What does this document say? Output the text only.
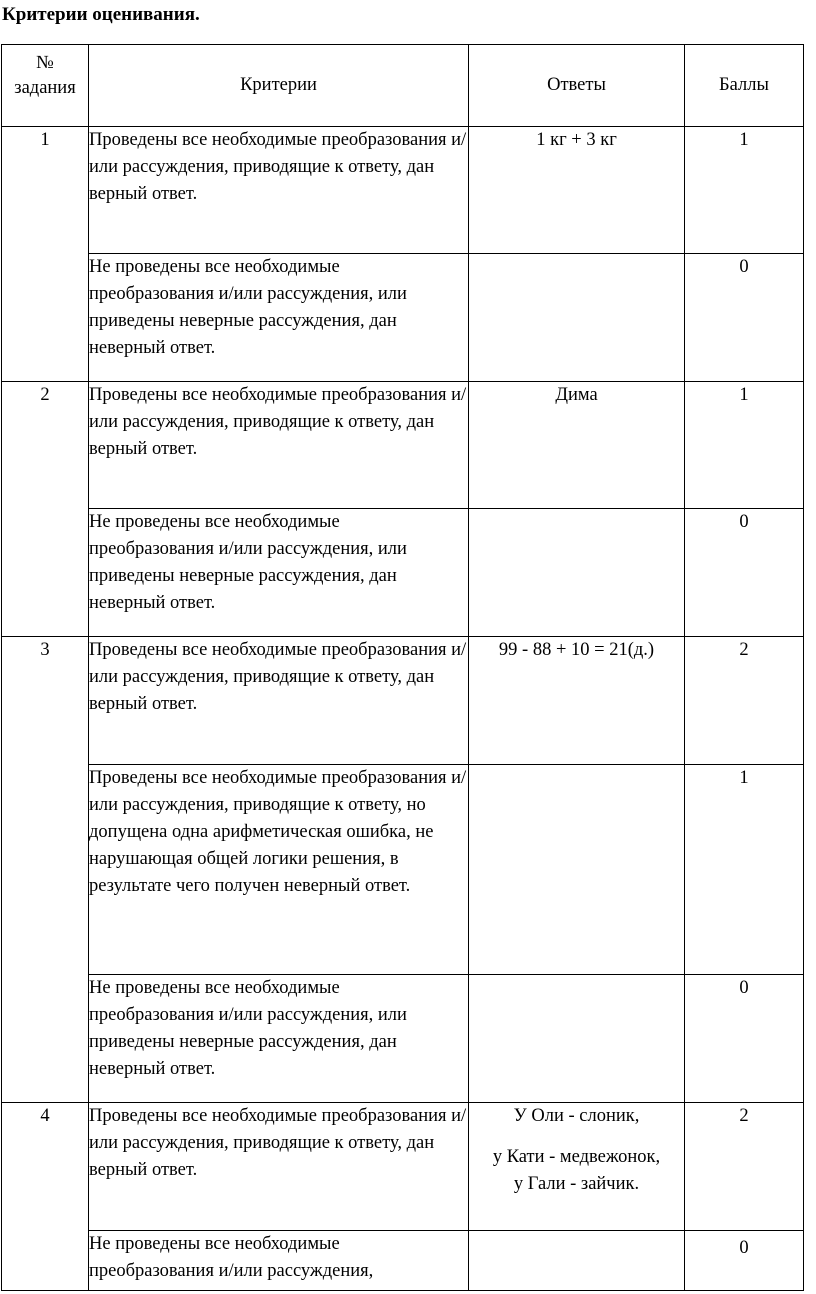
Критерии оценивания.
№
задания	Критерии	Ответы	Баллы
1	Проведены все необходимые преобразования и/или рассуждения, приводящие к ответу, дан верный ответ.	1 кг + 3 кг	1
	Не проведены все необходимые преобразования и/или рассуждения, или приведены неверные рассуждения, дан неверный ответ.		0
2	Проведены все необходимые преобразования и/или рассуждения, приводящие к ответу, дан верный ответ.	Дима	1
	Не проведены все необходимые преобразования и/или рассуждения, или приведены неверные рассуждения, дан неверный ответ.		0
3	Проведены все необходимые преобразования и/или рассуждения, приводящие к ответу, дан верный ответ.	99 - 88 + 10 = 21(д.)	2
	Проведены все необходимые преобразования и/или рассуждения, приводящие к ответу, но допущена одна арифметическая ошибка, не нарушающая общей логики решения, в результате чего получен неверный ответ.		1
	Не проведены все необходимые преобразования и/или рассуждения, или приведены неверные рассуждения, дан неверный ответ.		0
4	Проведены все необходимые преобразования и/или рассуждения, приводящие к ответу, дан верный ответ.	У Оли - слоник,
у Кати - медвежонок,
у Гали - зайчик.	2
	Не проведены все необходимые преобразования и/или рассуждения,		0
